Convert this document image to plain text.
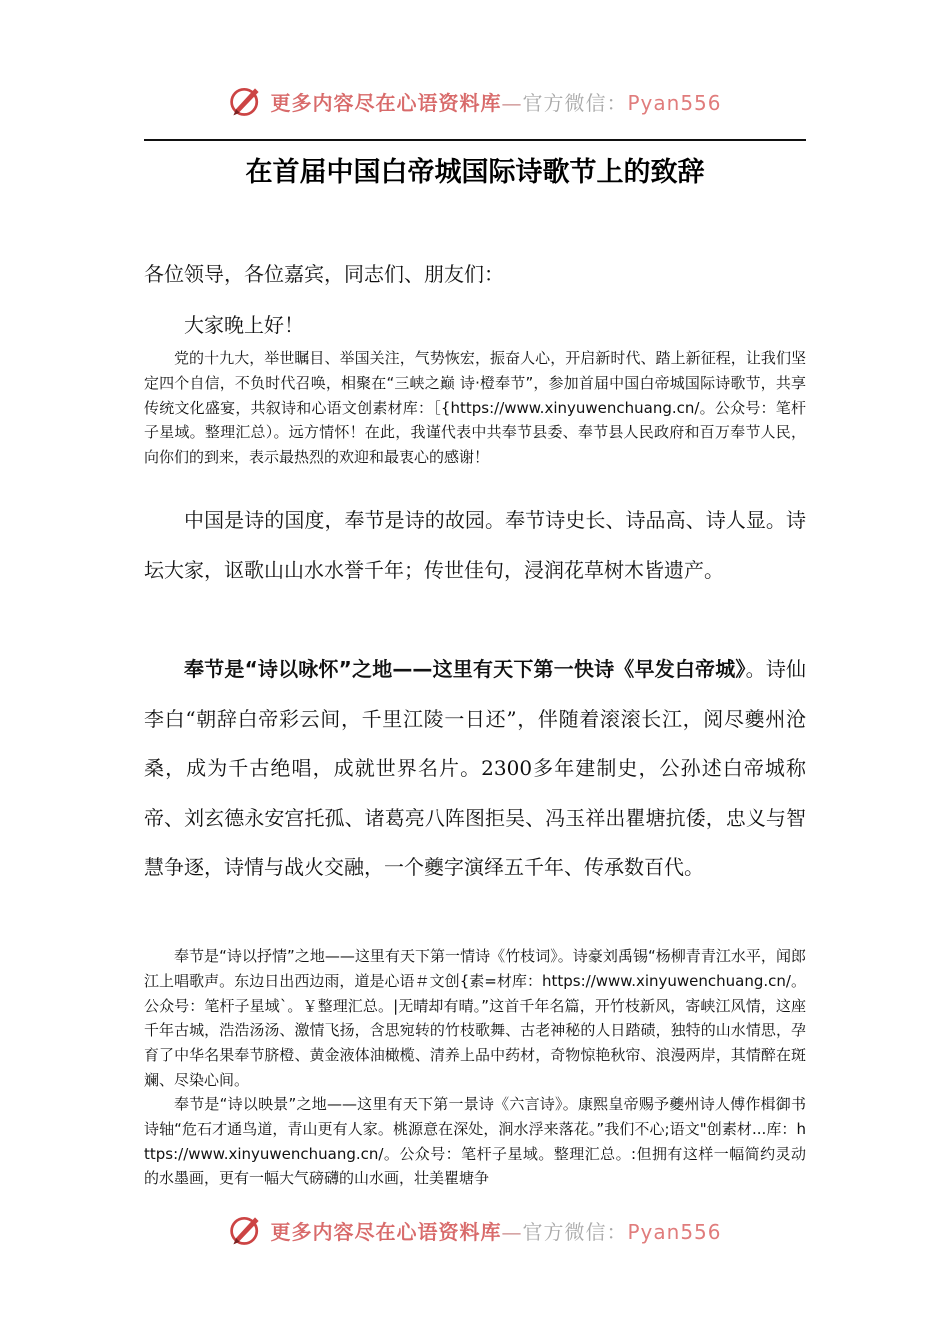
更多内容尽在心语资料库—官方微信：Pyan556
在首届中国白帝城国际诗歌节上的致辞
各位领导，各位嘉宾，同志们、朋友们：
大家晚上好！

党的十九大，举世瞩目、举国关注，气势恢宏，振奋人心，开启新时代、踏上新征程，让我们坚定四个自信，不负时代召唤，相聚在“三峡之巅 诗·橙奉节”，参加首届中国白帝城国际诗歌节，共享传统文化盛宴，共叙诗和心语文创素材库：［{https://www.xinyuwenchuang.cn/。公众号：笔杆子星域。整理汇总）。远方情怀！在此，我谨代表中共奉节县委、奉节县人民政府和百万奉节人民，向你们的到来，表示最热烈的欢迎和最衷心的感谢！

中国是诗的国度，奉节是诗的故园。奉节诗史长、诗品高、诗人显。诗坛大家，讴歌山山水水誉千年；传世佳句，浸润花草树木皆遗产。

奉节是“诗以咏怀”之地——这里有天下第一快诗《早发白帝城》。诗仙李白“朝辞白帝彩云间，千里江陵一日还”，伴随着滚滚长江，阅尽夔州沧桑，成为千古绝唱，成就世界名片。2300多年建制史，公孙述白帝城称帝、刘玄德永安宫托孤、诸葛亮八阵图拒吴、冯玉祥出瞿塘抗倭，忠义与智慧争逐，诗情与战火交融，一个夔字演绎五千年、传承数百代。

奉节是“诗以抒情”之地——这里有天下第一情诗《竹枝词》。诗豪刘禹锡“杨柳青青江水平，闻郎江上唱歌声。东边日出西边雨，道是心语＃文创{素=材库：https://www.xinyuwenchuang.cn/。公众号：笔杆子星域`。￥整理汇总。|无晴却有晴。”这首千年名篇，开竹枝新风，寄峡江风情，这座千年古城，浩浩汤汤、激情飞扬，含思宛转的竹枝歌舞、古老神秘的人日踏碛，独特的山水情思，孕育了中华名果奉节脐橙、黄金液体油橄榄、清养上品中药材，奇物惊艳秋帘、浪漫两岸，其情醉在斑斓、尽染心间。

奉节是“诗以映景”之地——这里有天下第一景诗《六言诗》。康熙皇帝赐予夔州诗人傅作楫御书诗轴“危石才通鸟道，青山更有人家。桃源意在深处，涧水浮来落花。”我们不心;语文"创素材...库：https://www.xinyuwenchuang.cn/。公众号：笔杆子星域。整理汇总。:但拥有这样一幅简约灵动的水墨画，更有一幅大气磅礴的山水画，壮美瞿塘争

更多内容尽在心语资料库—官方微信：Pyan556
